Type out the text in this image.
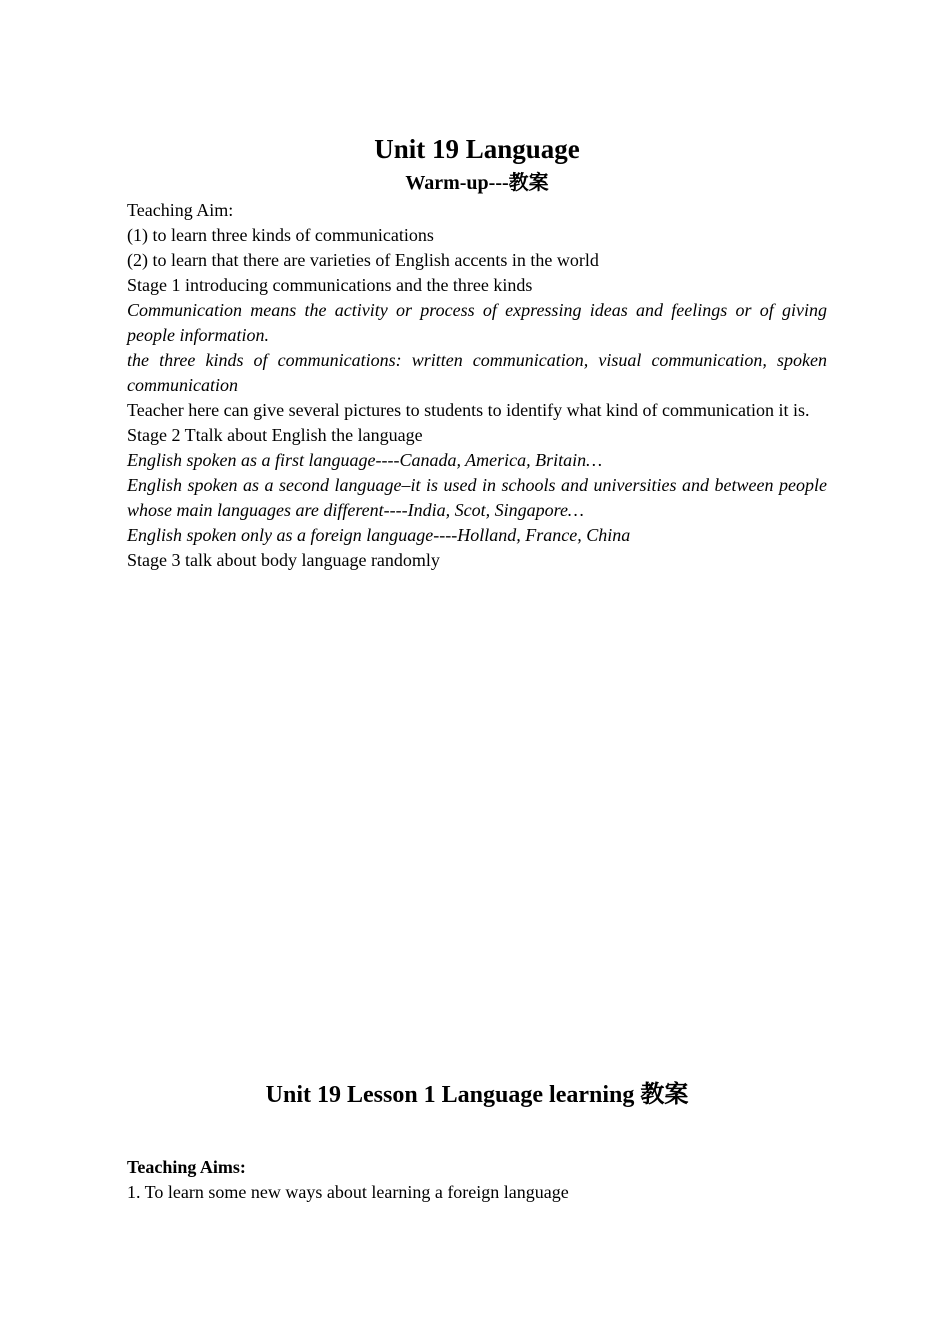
Unit 19 Language
Warm-up---教案

Teaching Aim:

(1) to learn three kinds of communications

(2) to learn that there are varieties of English accents in the world

Stage 1 introducing communications and the three kinds

Communication means the activity or process of expressing ideas and feelings or of giving people information.

the three kinds of communications: written communication, visual communication, spoken communication

Teacher here can give several pictures to students to identify what kind of communication it is.

Stage 2 Ttalk about English the language

English spoken as a first language----Canada, America, Britain…

English spoken as a second language–it is used in schools and universities and between people whose main languages are different----India, Scot, Singapore…

English spoken only as a foreign language----Holland, France, China

Stage 3 talk about body language randomly

Unit 19 Lesson 1 Language learning 教案

Teaching Aims:

1. To learn some new ways about learning a foreign language
